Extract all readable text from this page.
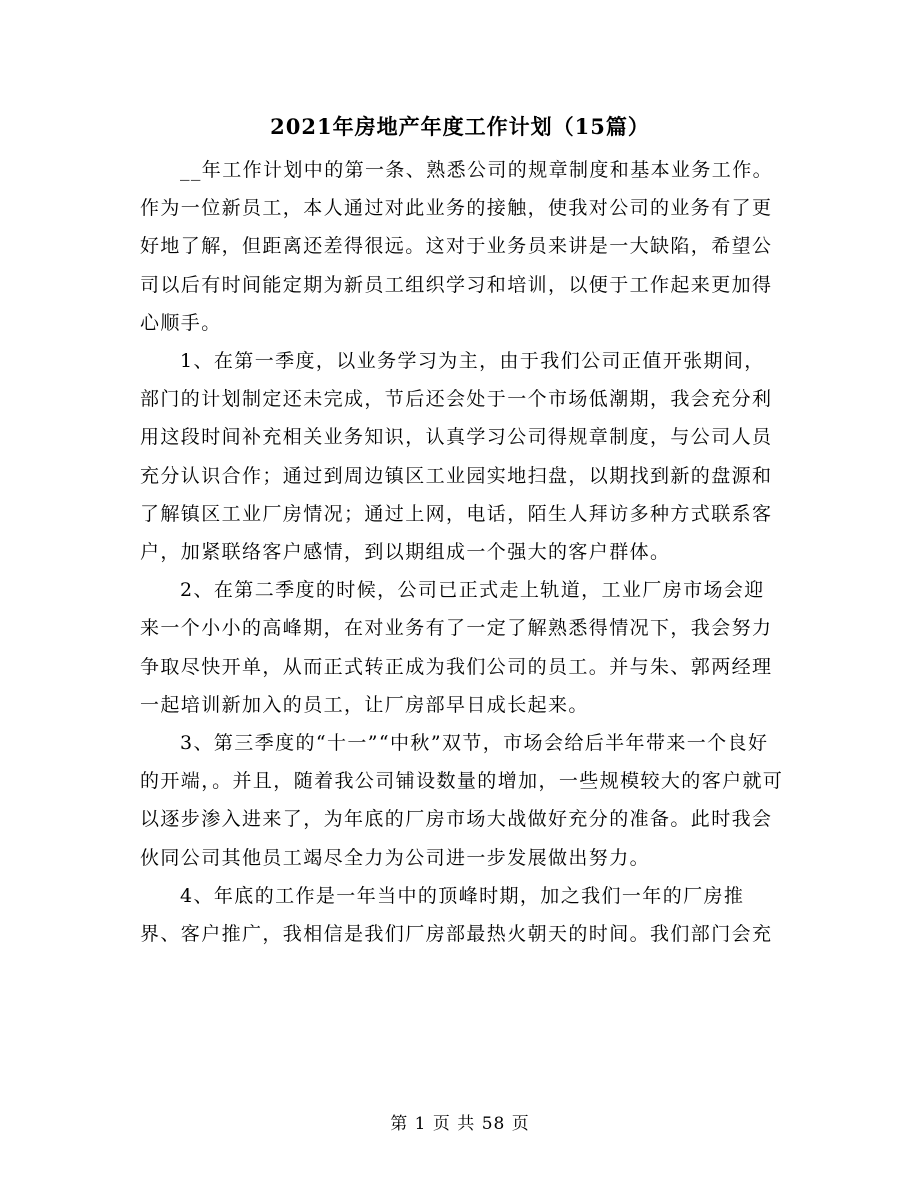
2021年房地产年度工作计划（15篇）

__年工作计划中的第一条、熟悉公司的规章制度和基本业务工作。作为一位新员工，本人通过对此业务的接触，使我对公司的业务有了更好地了解，但距离还差得很远。这对于业务员来讲是一大缺陷，希望公司以后有时间能定期为新员工组织学习和培训，以便于工作起来更加得心顺手。

1、在第一季度，以业务学习为主，由于我们公司正值开张期间，部门的计划制定还未完成，节后还会处于一个市场低潮期，我会充分利用这段时间补充相关业务知识，认真学习公司得规章制度，与公司人员充分认识合作；通过到周边镇区工业园实地扫盘，以期找到新的盘源和了解镇区工业厂房情况；通过上网，电话，陌生人拜访多种方式联系客户，加紧联络客户感情，到以期组成一个强大的客户群体。

2、在第二季度的时候，公司已正式走上轨道，工业厂房市场会迎来一个小小的高峰期，在对业务有了一定了解熟悉得情况下，我会努力争取尽快开单，从而正式转正成为我们公司的员工。并与朱、郭两经理一起培训新加入的员工，让厂房部早日成长起来。

3、第三季度的“十一”“中秋”双节，市场会给后半年带来一个良好的开端，。并且，随着我公司铺设数量的增加，一些规模较大的客户就可以逐步渗入进来了，为年底的厂房市场大战做好充分的准备。此时我会伙同公司其他员工竭尽全力为公司进一步发展做出努力。

4、年底的工作是一年当中的顶峰时期，加之我们一年的厂房推界、客户推广，我相信是我们厂房部最热火朝天的时间。我们部门会充

第 1 页 共 58 页
